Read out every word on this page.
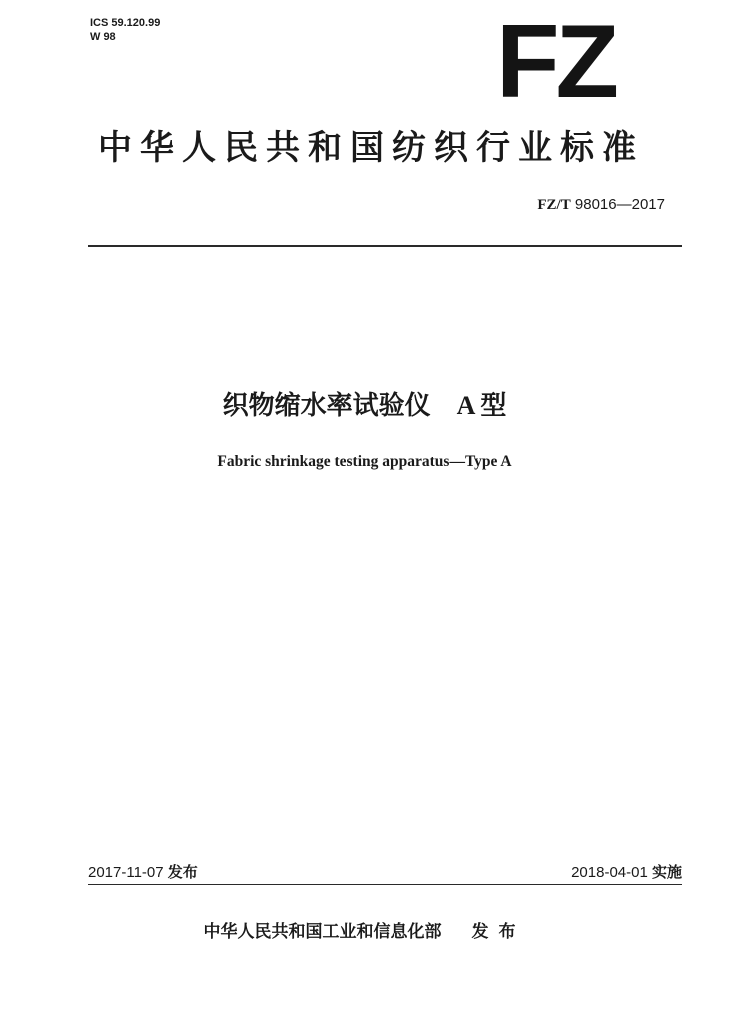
ICS 59.120.99
W 98	FZ
中华人民共和国纺织行业标准
FZ/T 98016—2017
织物缩水率试验仪 A 型
Fabric shrinkage testing apparatus—Type A
2017-11-07 发布	2018-04-01 实施
中华人民共和国工业和信息化部 发布
